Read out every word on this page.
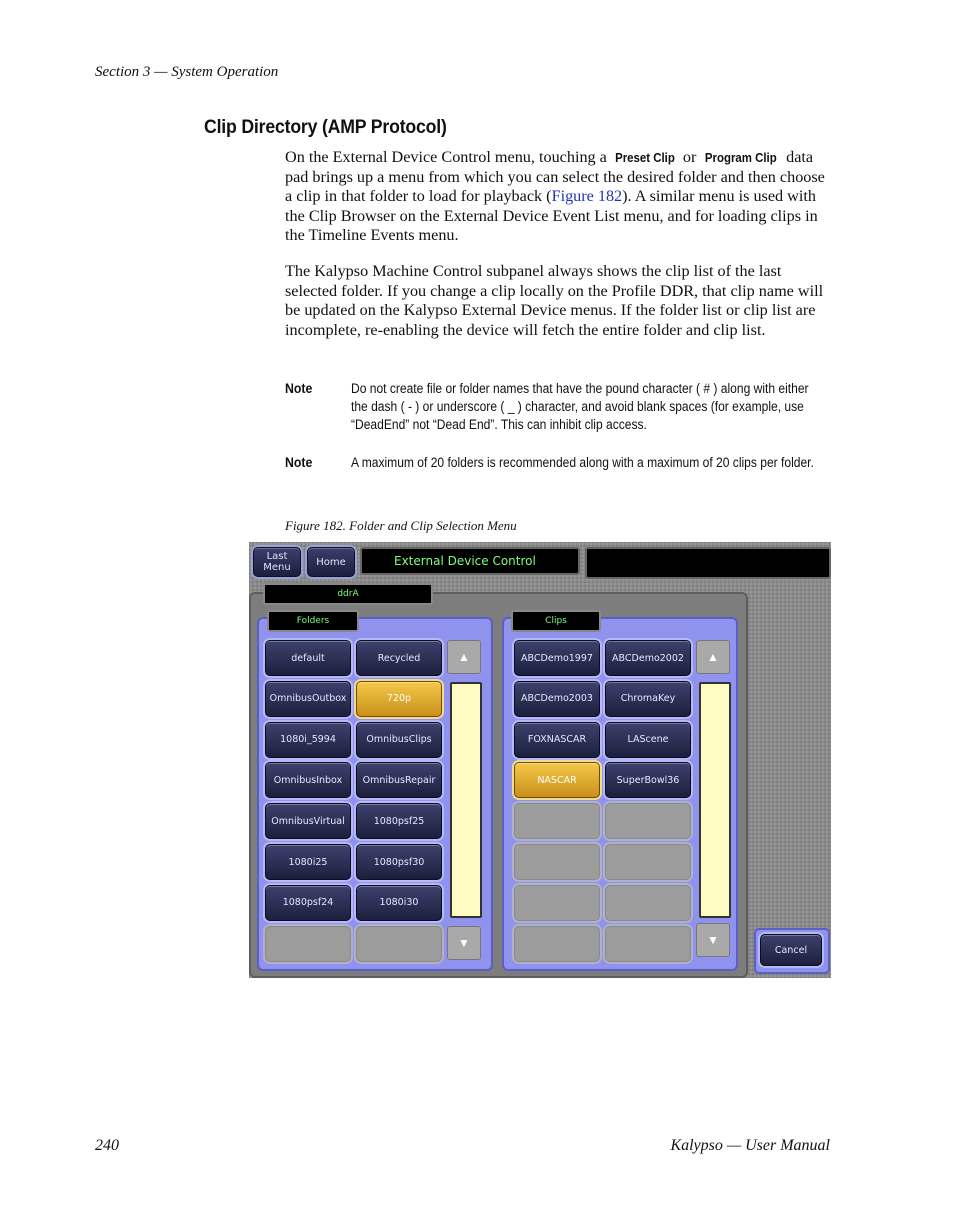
Section 3 — System Operation
Clip Directory (AMP Protocol)
On the External Device Control menu, touching a Preset Clip or Program Clip data pad brings up a menu from which you can select the desired folder and then choose a clip in that folder to load for playback (Figure 182). A similar menu is used with the Clip Browser on the External Device Event List menu, and for loading clips in the Timeline Events menu.
The Kalypso Machine Control subpanel always shows the clip list of the last selected folder. If you change a clip locally on the Profile DDR, that clip name will be updated on the Kalypso External Device menus. If the folder list or clip list are incomplete, re-enabling the device will fetch the entire folder and clip list.
Note	Do not create file or folder names that have the pound character ( # ) along with either the dash ( - ) or underscore ( _ ) character, and avoid blank spaces (for example, use “DeadEnd” not “Dead End”. This can inhibit clip access.
Note	A maximum of 20 folders is recommended along with a maximum of 20 clips per folder.
Figure 182. Folder and Clip Selection Menu
Last Menu	Home	External Device Control
ddrA
Folders
default	Recycled
OmnibusOutbox	720p
1080i_5994	OmnibusClips
OmnibusInbox	OmnibusRepair
OmnibusVirtual	1080psf25
1080i25	1080psf30
1080psf24	1080i30
▲
▼
Clips
ABCDemo1997	ABCDemo2002
ABCDemo2003	ChromaKey
FOXNASCAR	LAScene
NASCAR	SuperBowl36
▲
▼
Cancel
240	Kalypso — User Manual
